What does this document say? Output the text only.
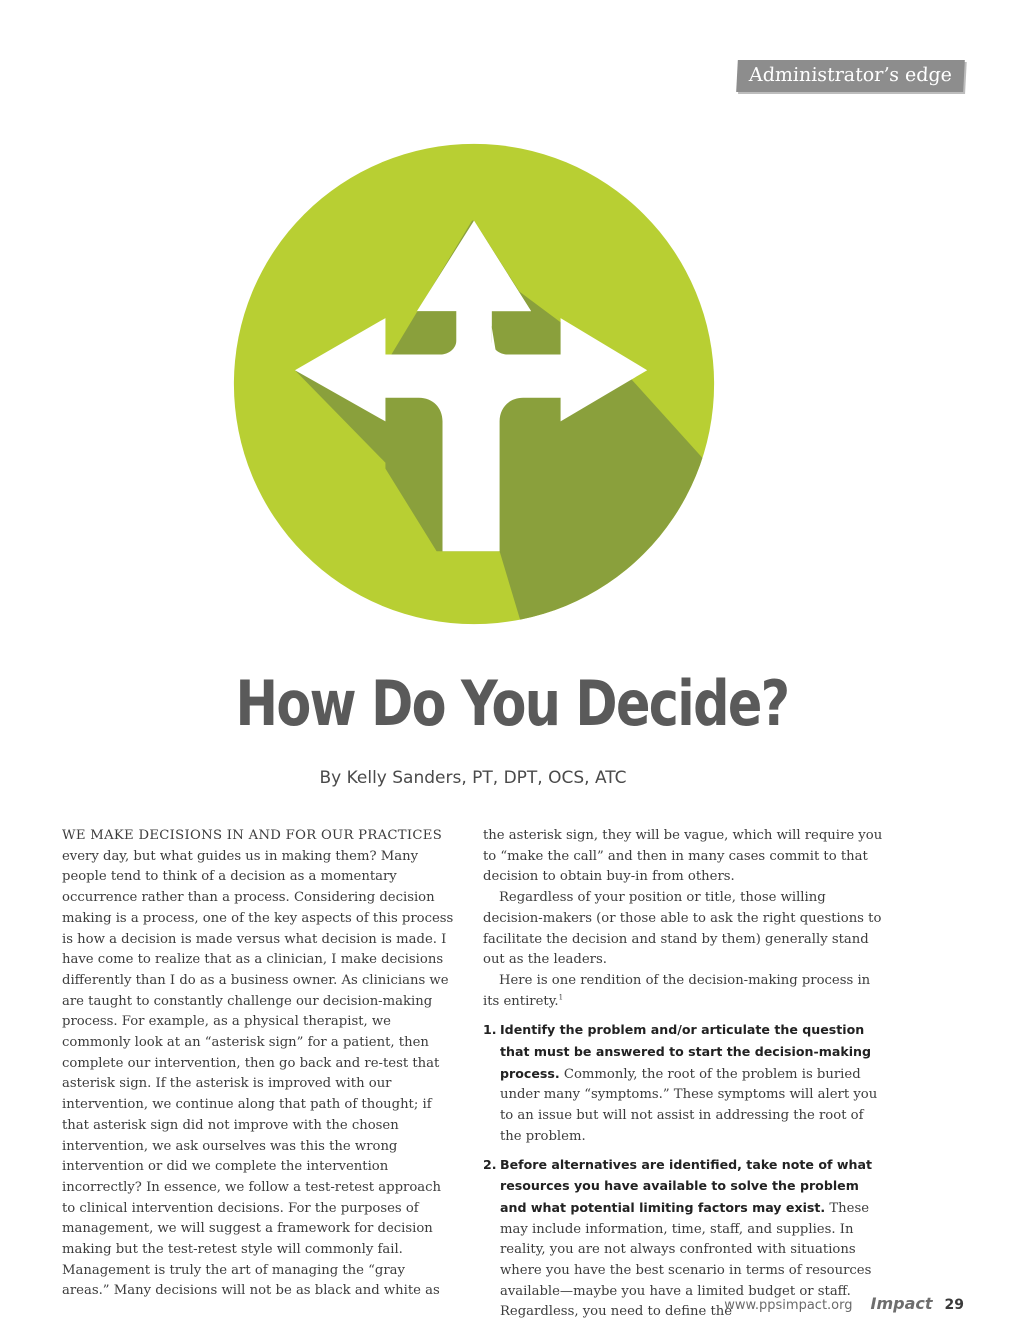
Administrator’s edge
How Do You Decide?
By Kelly Sanders, PT, DPT, OCS, ATC

WE MAKE DECISIONS IN AND FOR OUR PRACTICES every day, but what guides us in making them? Many people tend to think of a decision as a momentary occurrence rather than a process. Considering decision making is a process, one of the key aspects of this process is how a decision is made versus what decision is made. I have come to realize that as a clinician, I make decisions differently than I do as a business owner. As clinicians we are taught to constantly challenge our decision-making process. For example, as a physical therapist, we commonly look at an “asterisk sign” for a patient, then complete our intervention, then go back and re-test that asterisk sign. If the asterisk is improved with our intervention, we continue along that path of thought; if that asterisk sign did not improve with the chosen intervention, we ask ourselves was this the wrong intervention or did we complete the intervention incorrectly? In essence, we follow a test-retest approach to clinical intervention decisions. For the purposes of management, we will suggest a framework for decision making but the test-retest style will commonly fail. Management is truly the art of managing the “gray areas.” Many decisions will not be as black and white as

the asterisk sign, they will be vague, which will require you to “make the call” and then in many cases commit to that decision to obtain buy-in from others.

Regardless of your position or title, those willing decision-makers (or those able to ask the right questions to facilitate the decision and stand by them) generally stand out as the leaders.

Here is one rendition of the decision-making process in its entirety.$^1$

1. Identify the problem and/or articulate the question that must be answered to start the decision-making process. Commonly, the root of the problem is buried under many “symptoms.” These symptoms will alert you to an issue but will not assist in addressing the root of the problem.
2. Before alternatives are identified, take note of what resources you have available to solve the problem and what potential limiting factors may exist. These may include information, time, staff, and supplies. In reality, you are not always confronted with situations where you have the best scenario in terms of resources available—maybe you have a limited budget or staff. Regardless, you need to define the
www.ppsimpact.org Impact 29
